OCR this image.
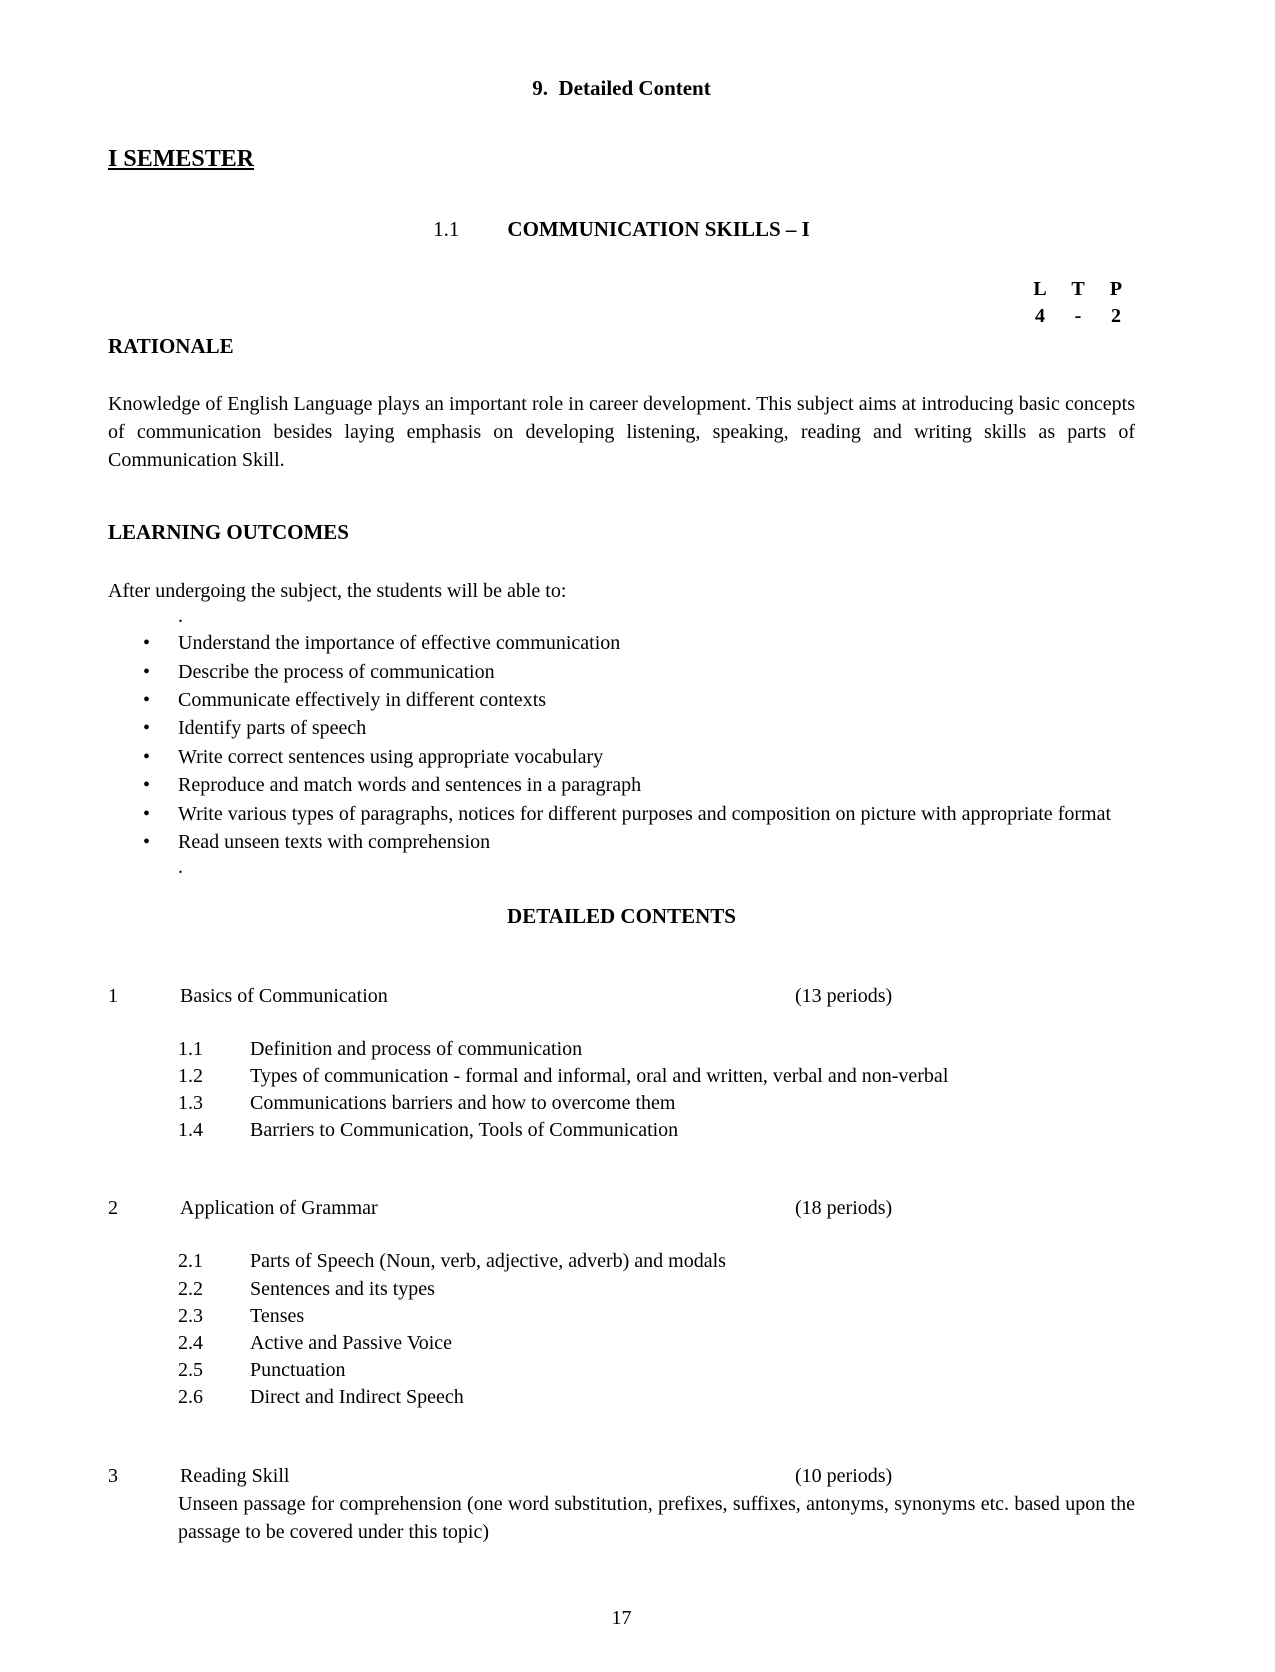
9.  Detailed Content
I SEMESTER
1.1 COMMUNICATION SKILLS – I
L	T	P
4	-	2
RATIONALE

Knowledge of English Language plays an important role in career development. This subject aims at introducing basic concepts of communication besides laying emphasis on developing listening, speaking, reading and writing skills as parts of Communication Skill.

LEARNING OUTCOMES
After undergoing the subject, the students will be able to:
.
•
Understand the importance of effective communication
•
Describe the process of communication
•
Communicate effectively in different contexts
•
Identify parts of speech
•
Write correct sentences using appropriate vocabulary
•
Reproduce and match words and sentences in a paragraph
•
Write various types of paragraphs, notices for different purposes and composition on picture with appropriate format
•
Read unseen texts with comprehension
.
DETAILED CONTENTS
1	Basics of Communication	(13 periods)
1.1	Definition and process of communication
1.2	Types of communication - formal and informal, oral and written, verbal and non-verbal
1.3	Communications barriers and how to overcome them
1.4	Barriers to Communication, Tools of Communication
2	Application of Grammar	(18 periods)
2.1	Parts of Speech (Noun, verb, adjective, adverb) and modals
2.2	Sentences and its types
2.3	Tenses
2.4	Active and Passive Voice
2.5	Punctuation
2.6	Direct and Indirect Speech
3	Reading Skill	(10 periods)
Unseen passage for comprehension (one word substitution, prefixes, suffixes, antonyms, synonyms etc. based upon the passage to be covered under this topic)
17
